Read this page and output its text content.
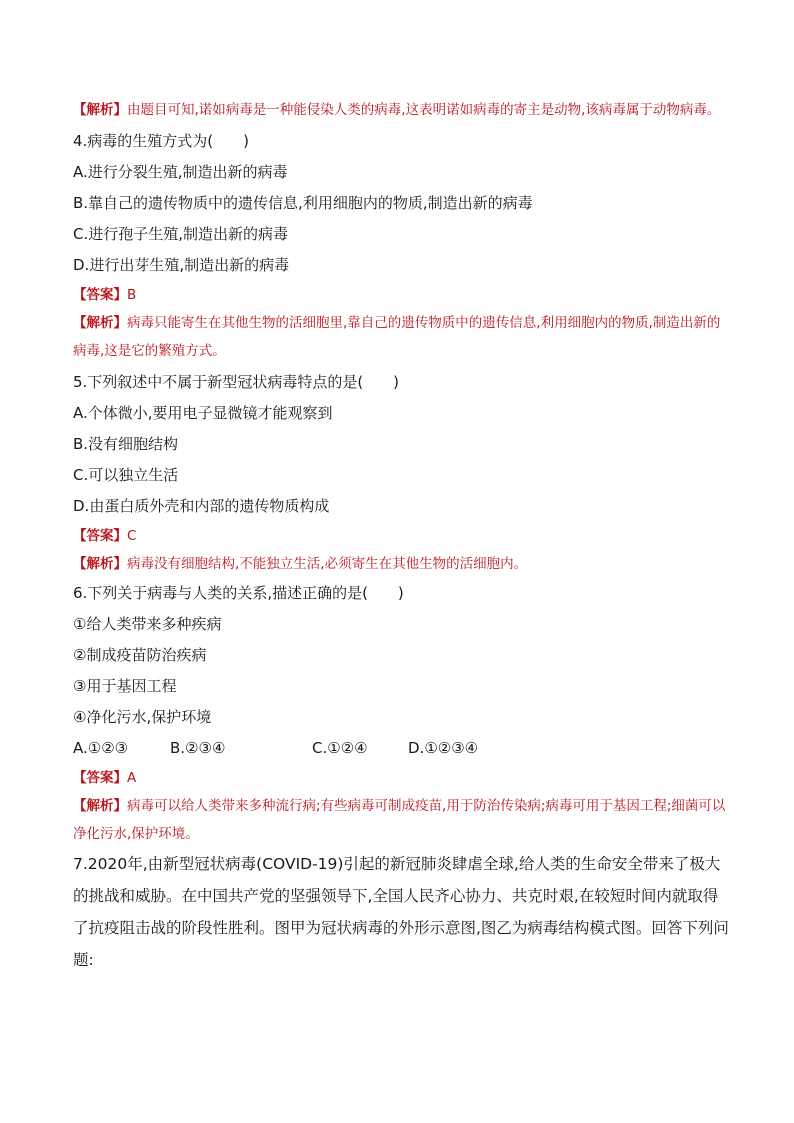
【解析】由题目可知,诺如病毒是一种能侵染人类的病毒,这表明诺如病毒的寄主是动物,该病毒属于动物病毒。
4.病毒的生殖方式为(　　)
A.进行分裂生殖,制造出新的病毒
B.靠自己的遗传物质中的遗传信息,利用细胞内的物质,制造出新的病毒
C.进行孢子生殖,制造出新的病毒
D.进行出芽生殖,制造出新的病毒
【答案】B
【解析】病毒只能寄生在其他生物的活细胞里,靠自己的遗传物质中的遗传信息,利用细胞内的物质,制造出新的病毒,这是它的繁殖方式。
5.下列叙述中不属于新型冠状病毒特点的是(　　)
A.个体微小,要用电子显微镜才能观察到
B.没有细胞结构
C.可以独立生活
D.由蛋白质外壳和内部的遗传物质构成
【答案】C
【解析】病毒没有细胞结构,不能独立生活,必须寄生在其他生物的活细胞内。
6.下列关于病毒与人类的关系,描述正确的是(　　)
①给人类带来多种疾病
②制成疫苗防治疾病
③用于基因工程
④净化污水,保护环境
A.①②③	B.②③④	C.①②④	D.①②③④
【答案】A
【解析】病毒可以给人类带来多种流行病;有些病毒可制成疫苗,用于防治传染病;病毒可用于基因工程;细菌可以净化污水,保护环境。
7.2020年,由新型冠状病毒(COVID-19)引起的新冠肺炎肆虐全球,给人类的生命安全带来了极大的挑战和威胁。在中国共产党的坚强领导下,全国人民齐心协力、共克时艰,在较短时间内就取得了抗疫阻击战的阶段性胜利。图甲为冠状病毒的外形示意图,图乙为病毒结构模式图。回答下列问题:
